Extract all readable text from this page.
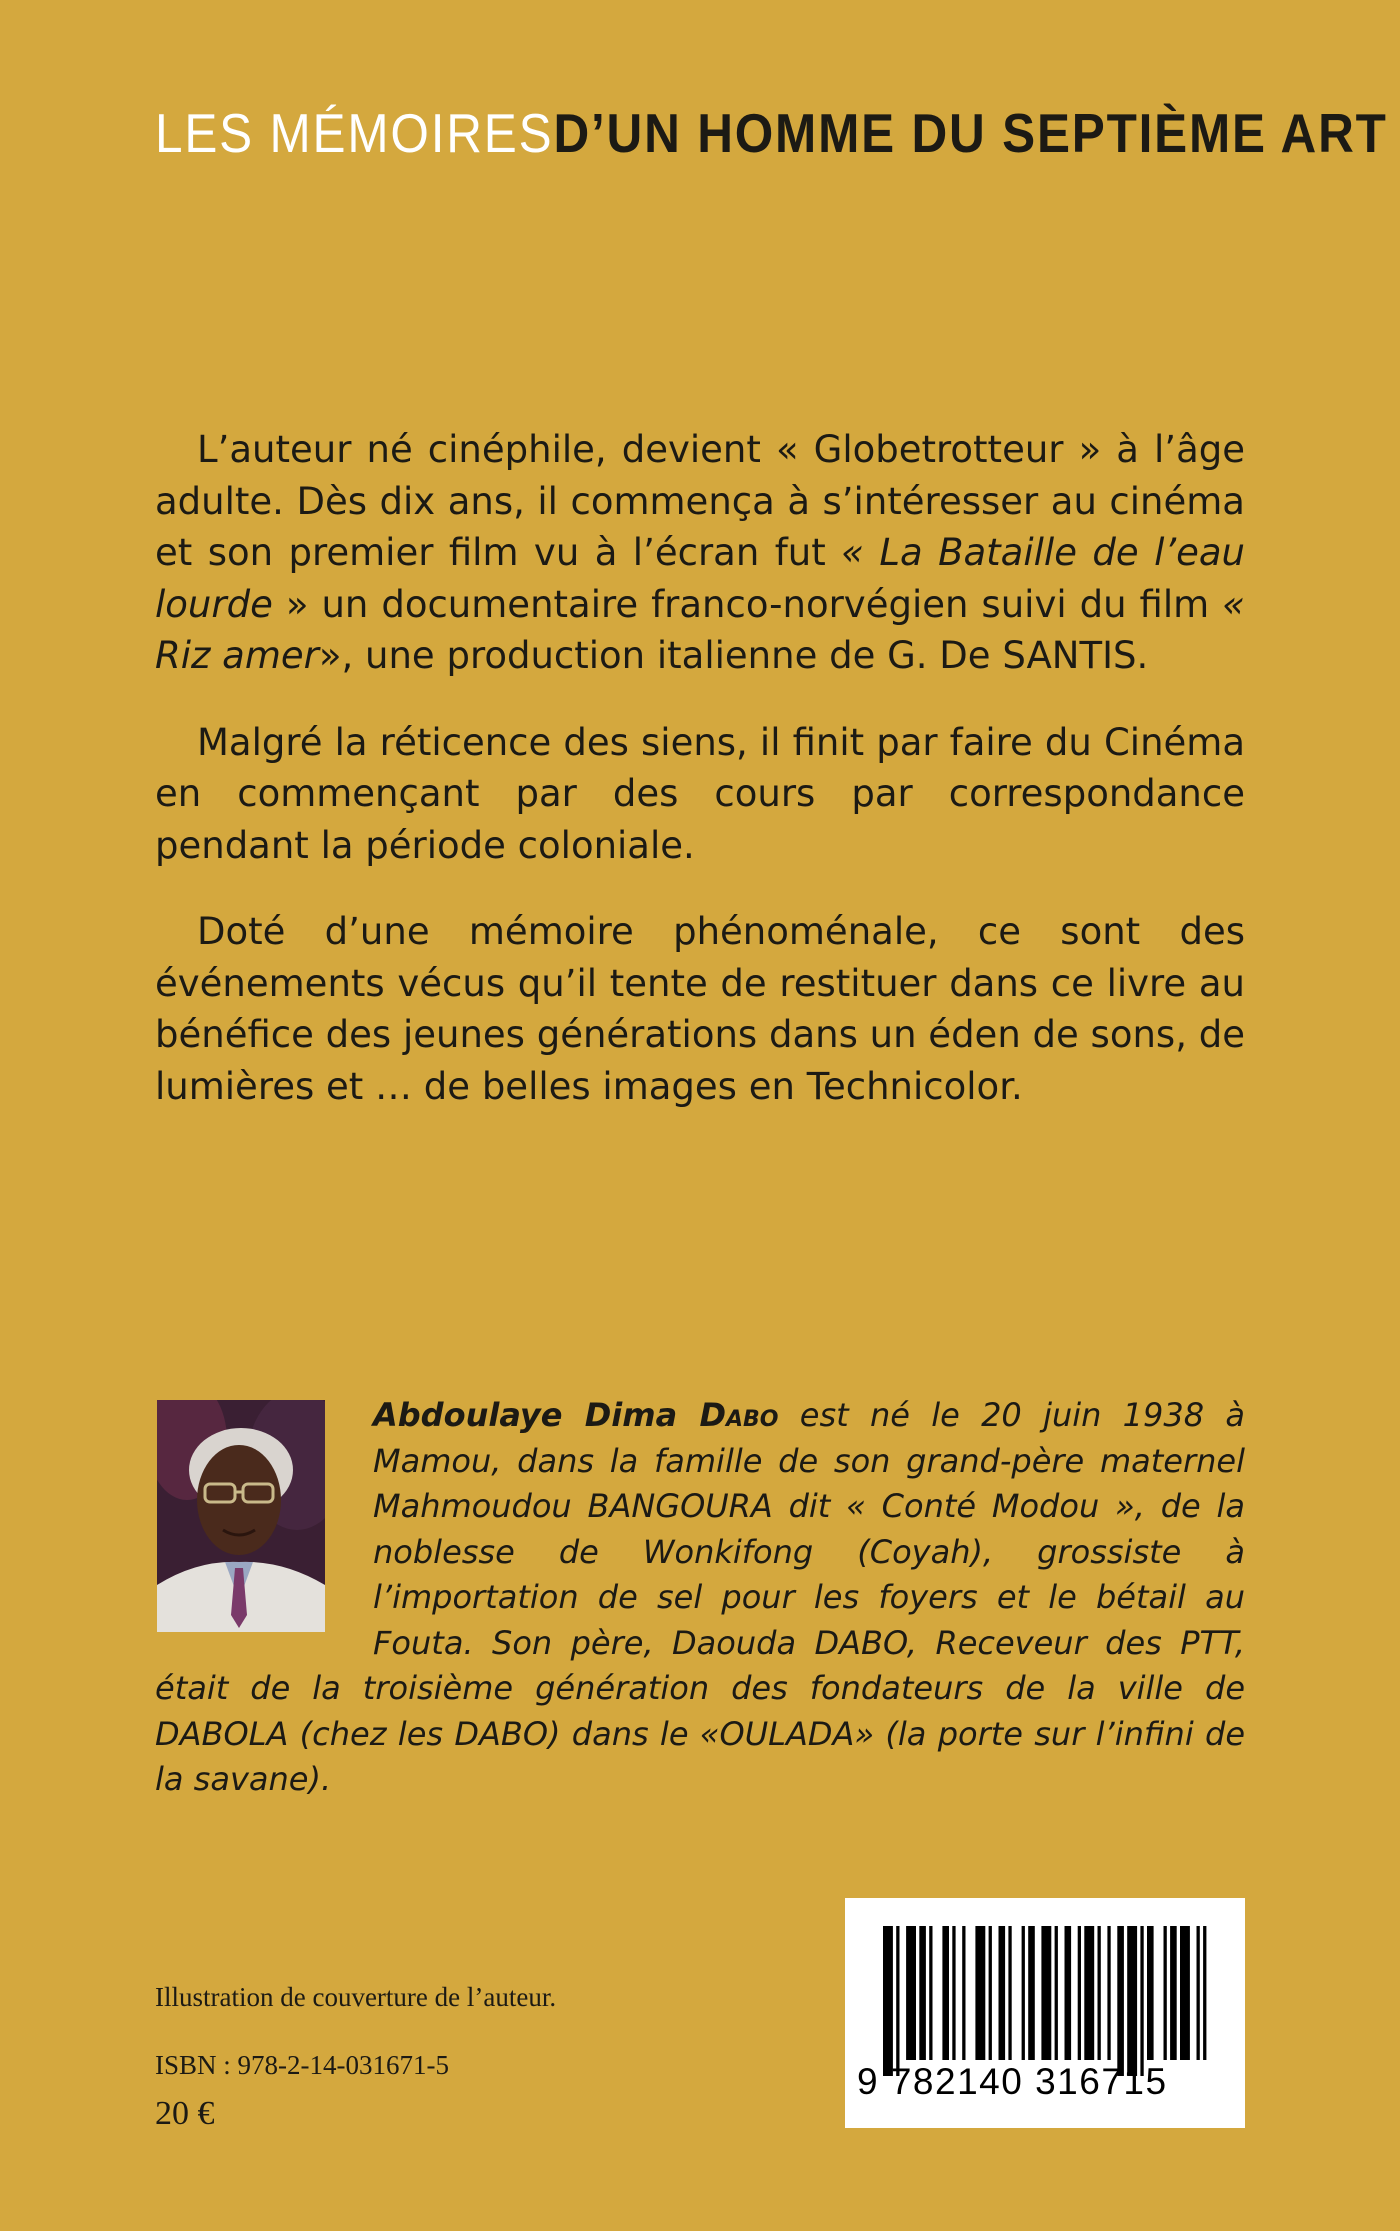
LES MÉMOIRESD’UN HOMME DU SEPTIÈME ART

L’auteur né cinéphile, devient « Globetrotteur » à l’âge adulte. Dès dix ans, il commença à s’intéresser au cinéma et son premier film vu à l’écran fut « La Bataille de l’eau lourde » un documentaire franco-norvégien suivi du film « Riz amer», une production italienne de G. De SANTIS.

Malgré la réticence des siens, il finit par faire du Cinéma en commençant par des cours par correspondance pendant la période coloniale.

Doté d’une mémoire phénoménale, ce sont des événements vécus qu’il tente de restituer dans ce livre au bénéfice des jeunes générations dans un éden de sons, de lumières et … de belles images en Technicolor.

Abdoulaye Dima Dabo est né le 20 juin 1938 à Mamou, dans la famille de son grand-père maternel Mahmoudou BANGOURA dit « Conté Modou », de la noblesse de Wonkifong (Coyah), grossiste à l’importation de sel pour les foyers et le bétail au Fouta. Son père, Daouda DABO, Receveur des PTT, était de la troisième génération des fondateurs de la ville de DABOLA (chez les DABO) dans le «OULADA» (la porte sur l’infini de la savane).
Illustration de couverture de l’auteur.
ISBN : 978-2-14-031671-5
20 €
9 782140 316715
